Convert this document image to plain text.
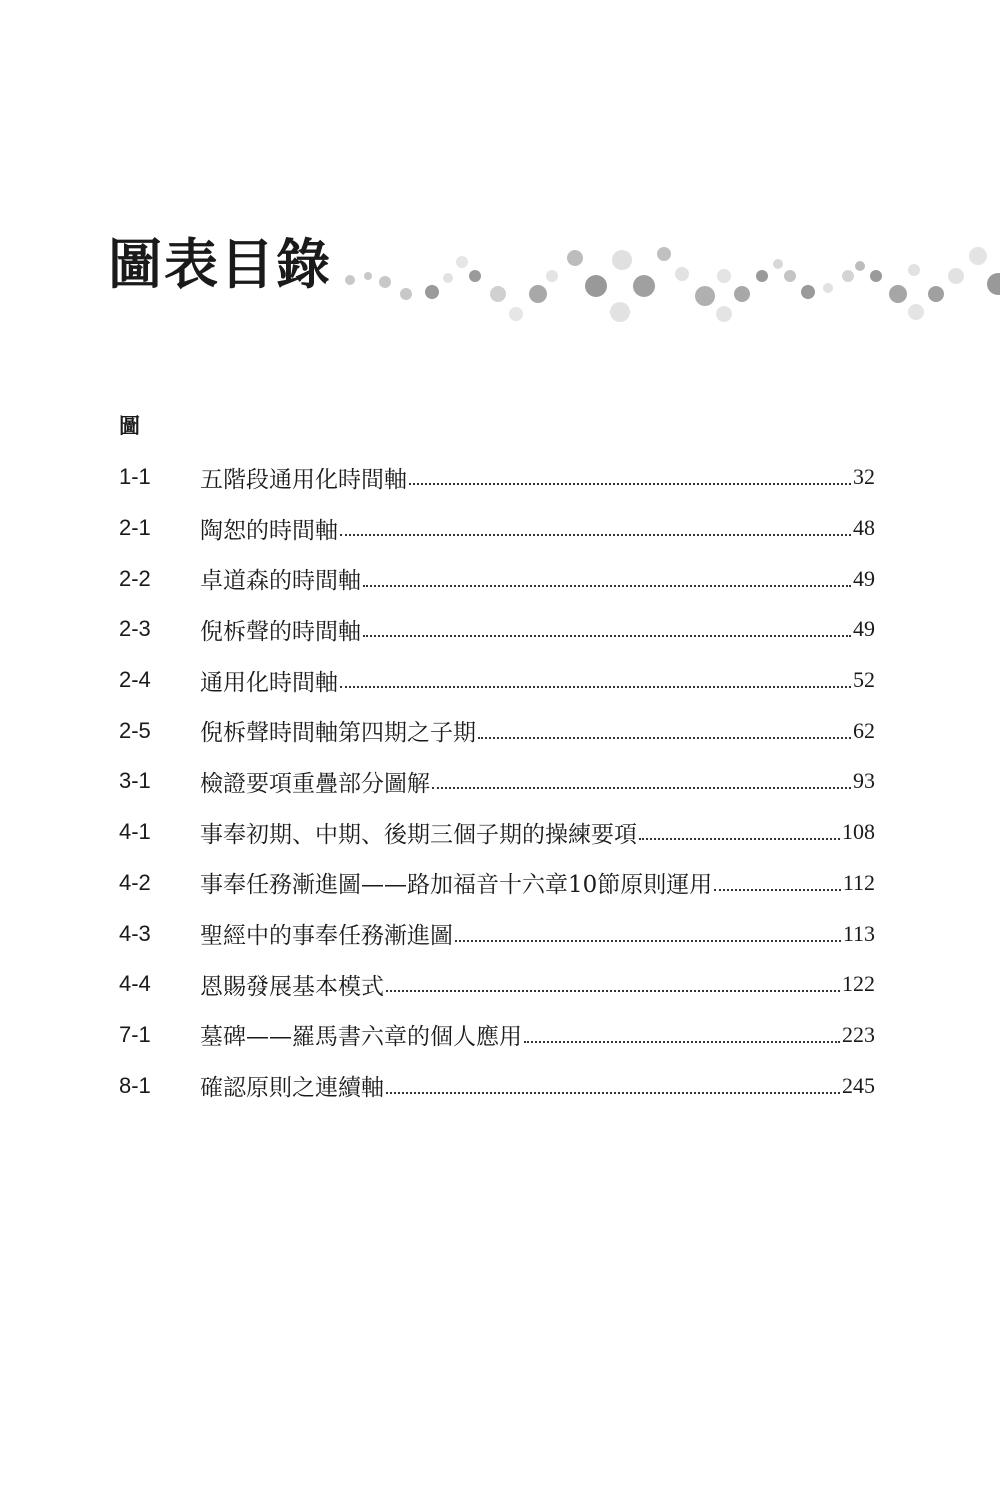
圖表目錄
圖
1-1	五階段通用化時間軸	32
2-1	陶恕的時間軸	48
2-2	卓道森的時間軸	49
2-3	倪柝聲的時間軸	49
2-4	通用化時間軸	52
2-5	倪柝聲時間軸第四期之子期	62
3-1	檢證要項重疊部分圖解	93
4-1	事奉初期、中期、後期三個子期的操練要項	108
4-2	事奉任務漸進圖——路加福音十六章10節原則運用	112
4-3	聖經中的事奉任務漸進圖	113
4-4	恩賜發展基本模式	122
7-1	墓碑——羅馬書六章的個人應用	223
8-1	確認原則之連續軸	245
